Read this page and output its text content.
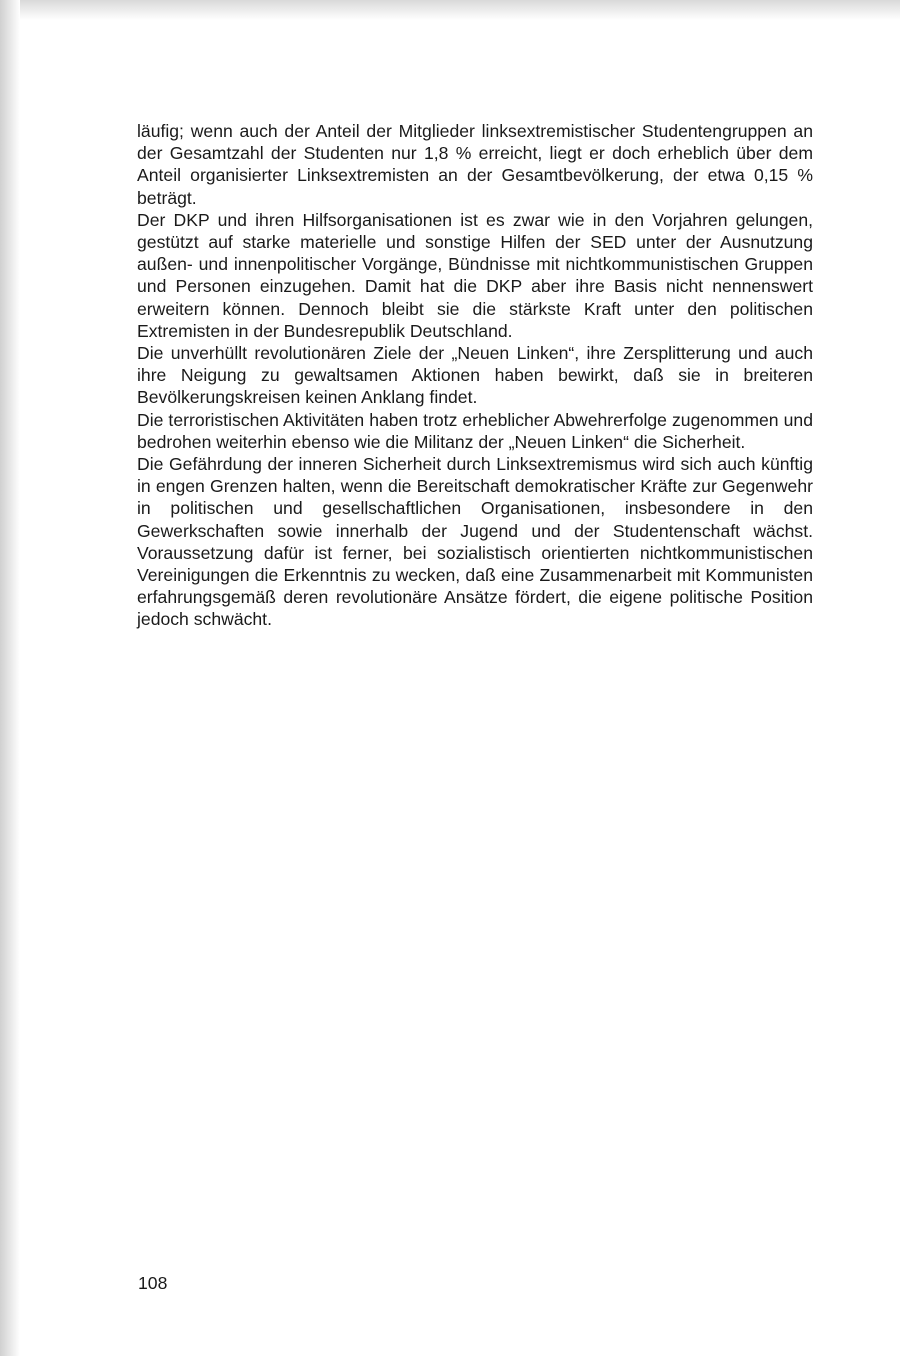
läufig; wenn auch der Anteil der Mitglieder linksextremistischer Studentengruppen an der Gesamtzahl der Studenten nur 1,8 % erreicht, liegt er doch erheblich über dem Anteil organisierter Linksextremisten an der Gesamtbevölkerung, der etwa 0,15 % beträgt.

Der DKP und ihren Hilfsorganisationen ist es zwar wie in den Vorjahren gelungen, gestützt auf starke materielle und sonstige Hilfen der SED unter der Ausnutzung außen- und innenpolitischer Vorgänge, Bündnisse mit nichtkommunistischen Gruppen und Personen einzugehen. Damit hat die DKP aber ihre Basis nicht nennenswert erweitern können. Dennoch bleibt sie die stärkste Kraft unter den politischen Extremisten in der Bundesrepublik Deutschland.

Die unverhüllt revolutionären Ziele der „Neuen Linken“, ihre Zersplitterung und auch ihre Neigung zu gewaltsamen Aktionen haben bewirkt, daß sie in breiteren Bevölkerungskreisen keinen Anklang findet.

Die terroristischen Aktivitäten haben trotz erheblicher Abwehrerfolge zugenommen und bedrohen weiterhin ebenso wie die Militanz der „Neuen Linken“ die Sicherheit.

Die Gefährdung der inneren Sicherheit durch Linksextremismus wird sich auch künftig in engen Grenzen halten, wenn die Bereitschaft demokratischer Kräfte zur Gegenwehr in politischen und gesellschaftlichen Organisationen, insbesondere in den Gewerkschaften sowie innerhalb der Jugend und der Studentenschaft wächst. Voraussetzung dafür ist ferner, bei sozialistisch orientierten nichtkommunistischen Vereinigungen die Erkenntnis zu wecken, daß eine Zusammenarbeit mit Kommunisten erfahrungsgemäß deren revolutionäre Ansätze fördert, die eigene politische Position jedoch schwächt.

108
